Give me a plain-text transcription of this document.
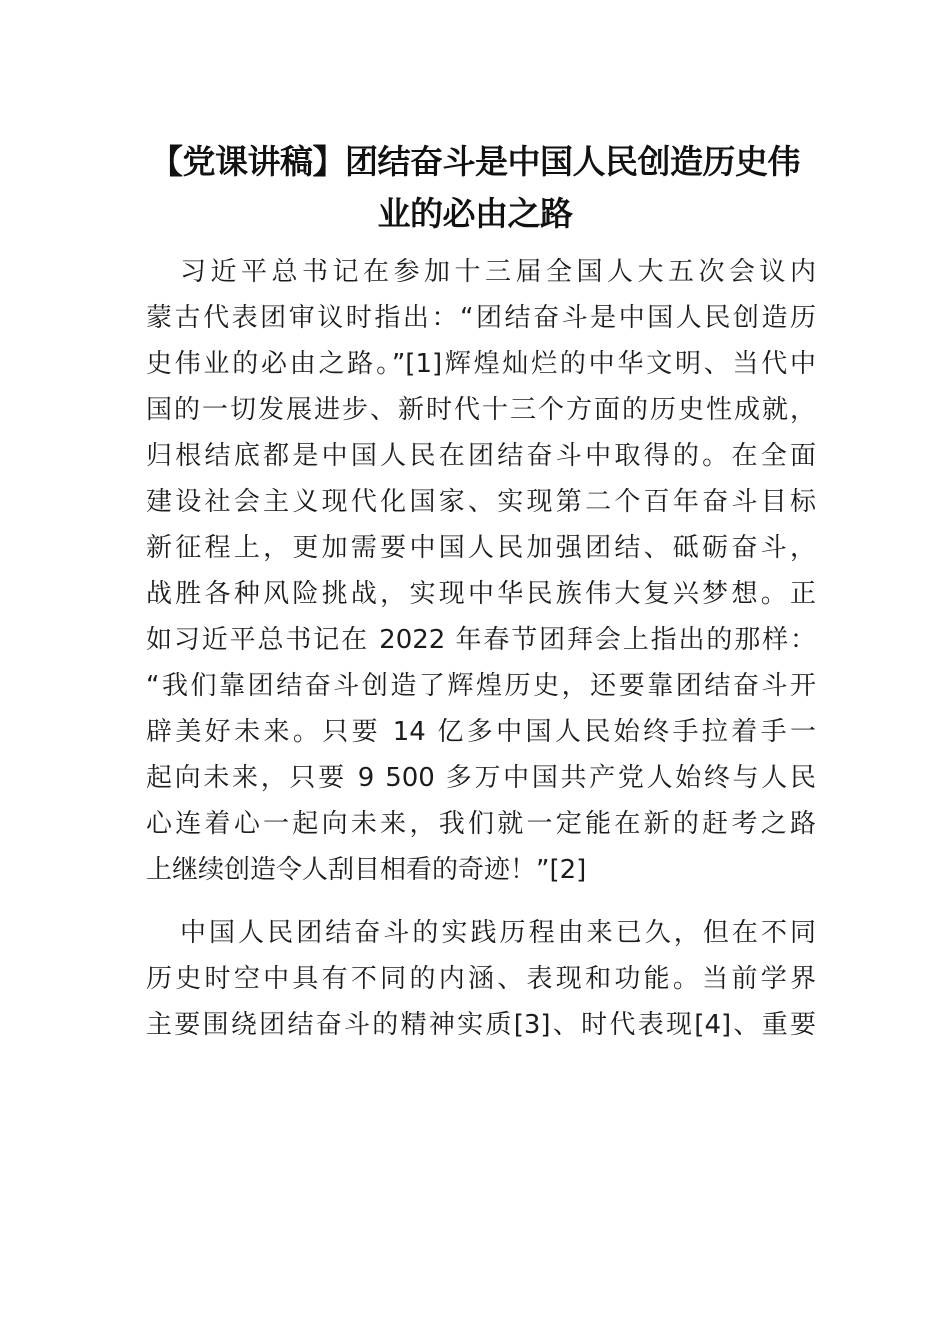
【党课讲稿】团结奋斗是中国人民创造历史伟
业的必由之路
习近平总书记在参加十三届全国人大五次会议内
蒙古代表团审议时指出：“团结奋斗是中国人民创造历
史伟业的必由之路。”[1]辉煌灿烂的中华文明、当代中
国的一切发展进步、新时代十三个方面的历史性成就，
归根结底都是中国人民在团结奋斗中取得的。在全面
建设社会主义现代化国家、实现第二个百年奋斗目标
新征程上，更加需要中国人民加强团结、砥砺奋斗，
战胜各种风险挑战，实现中华民族伟大复兴梦想。正
如习近平总书记在 2022 年春节团拜会上指出的那样：
“我们靠团结奋斗创造了辉煌历史，还要靠团结奋斗开
辟美好未来。只要 14 亿多中国人民始终手拉着手一
起向未来，只要 9 500 多万中国共产党人始终与人民
心连着心一起向未来，我们就一定能在新的赶考之路
上继续创造令人刮目相看的奇迹！”[2]
中国人民团结奋斗的实践历程由来已久，但在不同
历史时空中具有不同的内涵、表现和功能。当前学界
主要围绕团结奋斗的精神实质[3]、时代表现[4]、重要
